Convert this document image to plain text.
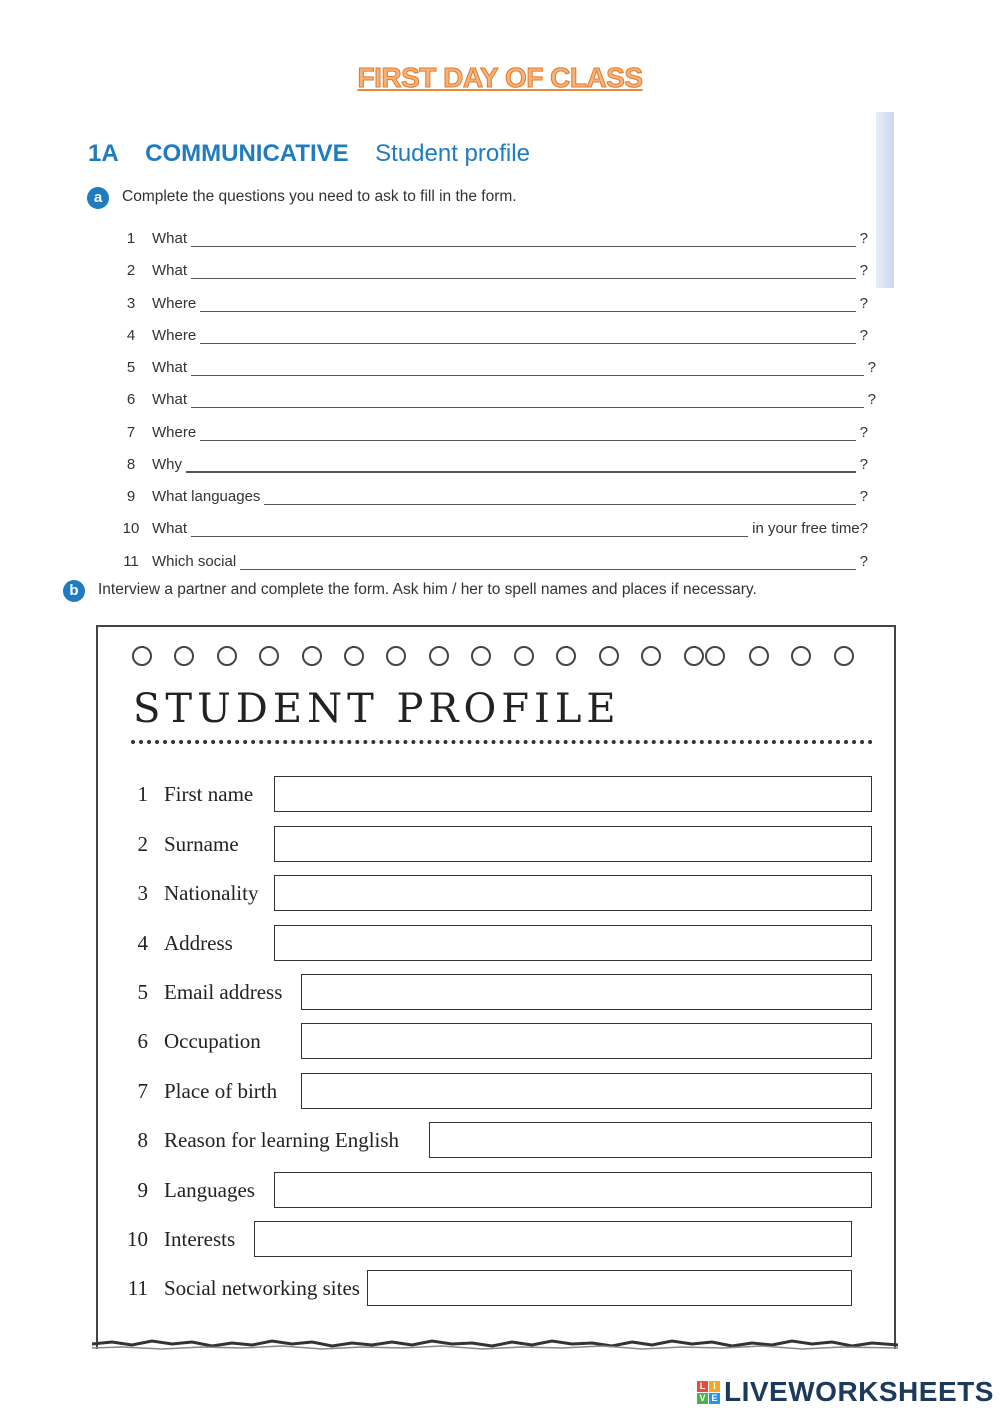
FIRST DAY OF CLASS
1A COMMUNICATIVE Student profile
a	Complete the questions you need to ask to fill in the form.
1	What	?
2	What	?
3	Where	?
4	Where	?
5	What	?
6	What	?
7	Where	?
8	Why	?
9	What languages	?
10 What	in your free time?
11 Which social	?
b	Interview a partner and complete the form. Ask him / her to spell names and places if necessary.
STUDENT PROFILE
1 First name
2 Surname
3 Nationality
4 Address
5 Email address
6 Occupation
7 Place of birth
8 Reason for learning English
9 Languages
10 Interests
11 Social networking sites
L I
V E LIVEWORKSHEETS
